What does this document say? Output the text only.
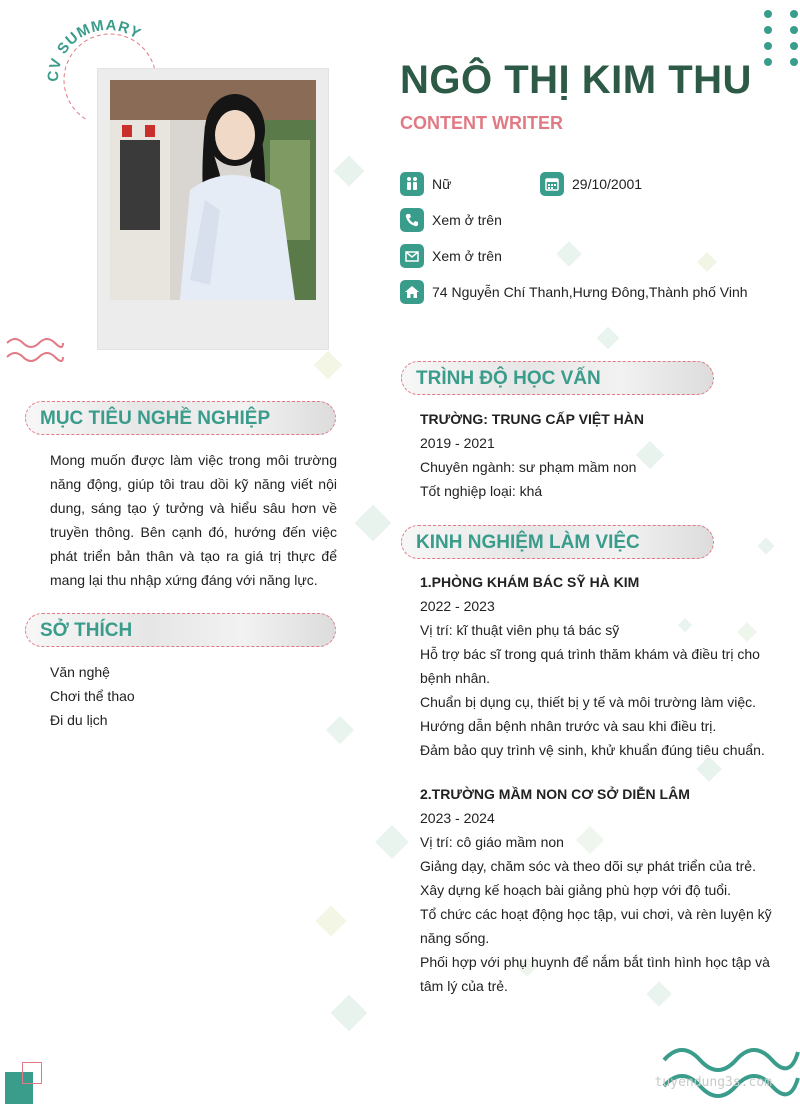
CV SUMMARY
NGÔ THỊ KIM THU
CONTENT WRITER
Nữ	29/10/2001
Xem ở trên
Xem ở trên
74 Nguyễn Chí Thanh,Hưng Đông,Thành phố Vinh
MỤC TIÊU NGHỀ NGHIỆP
Mong muốn được làm việc trong môi trường năng động, giúp tôi trau dồi kỹ năng viết nội dung, sáng tạo ý tưởng và hiểu sâu hơn về truyền thông. Bên cạnh đó, hướng đến việc phát triển bản thân và tạo ra giá trị thực để mang lại thu nhập xứng đáng với năng lực.
SỞ THÍCH
Văn nghệ
Chơi thể thao
Đi du lịch
TRÌNH ĐỘ HỌC VẤN
TRƯỜNG: TRUNG CẤP VIỆT HÀN
2019 - 2021
Chuyên ngành: sư phạm mầm non
Tốt nghiệp loại: khá
KINH NGHIỆM LÀM VIỆC
1.PHÒNG KHÁM BÁC SỸ HÀ KIM
2022 - 2023
Vị trí: kĩ thuật viên phụ tá bác sỹ
Hỗ trợ bác sĩ trong quá trình thăm khám và điều trị cho bệnh nhân.
Chuẩn bị dụng cụ, thiết bị y tế và môi trường làm việc.
Hướng dẫn bệnh nhân trước và sau khi điều trị.
Đảm bảo quy trình vệ sinh, khử khuẩn đúng tiêu chuẩn.
2.TRƯỜNG MẦM NON CƠ SỞ DIỄN LÂM
2023 - 2024
Vị trí: cô giáo mầm non
Giảng dạy, chăm sóc và theo dõi sự phát triển của trẻ.
Xây dựng kế hoạch bài giảng phù hợp với độ tuổi.
Tổ chức các hoạt động học tập, vui chơi, và rèn luyện kỹ năng sống.
Phối hợp với phụ huynh để nắm bắt tình hình học tập và tâm lý của trẻ.
tuyendung3s.com
